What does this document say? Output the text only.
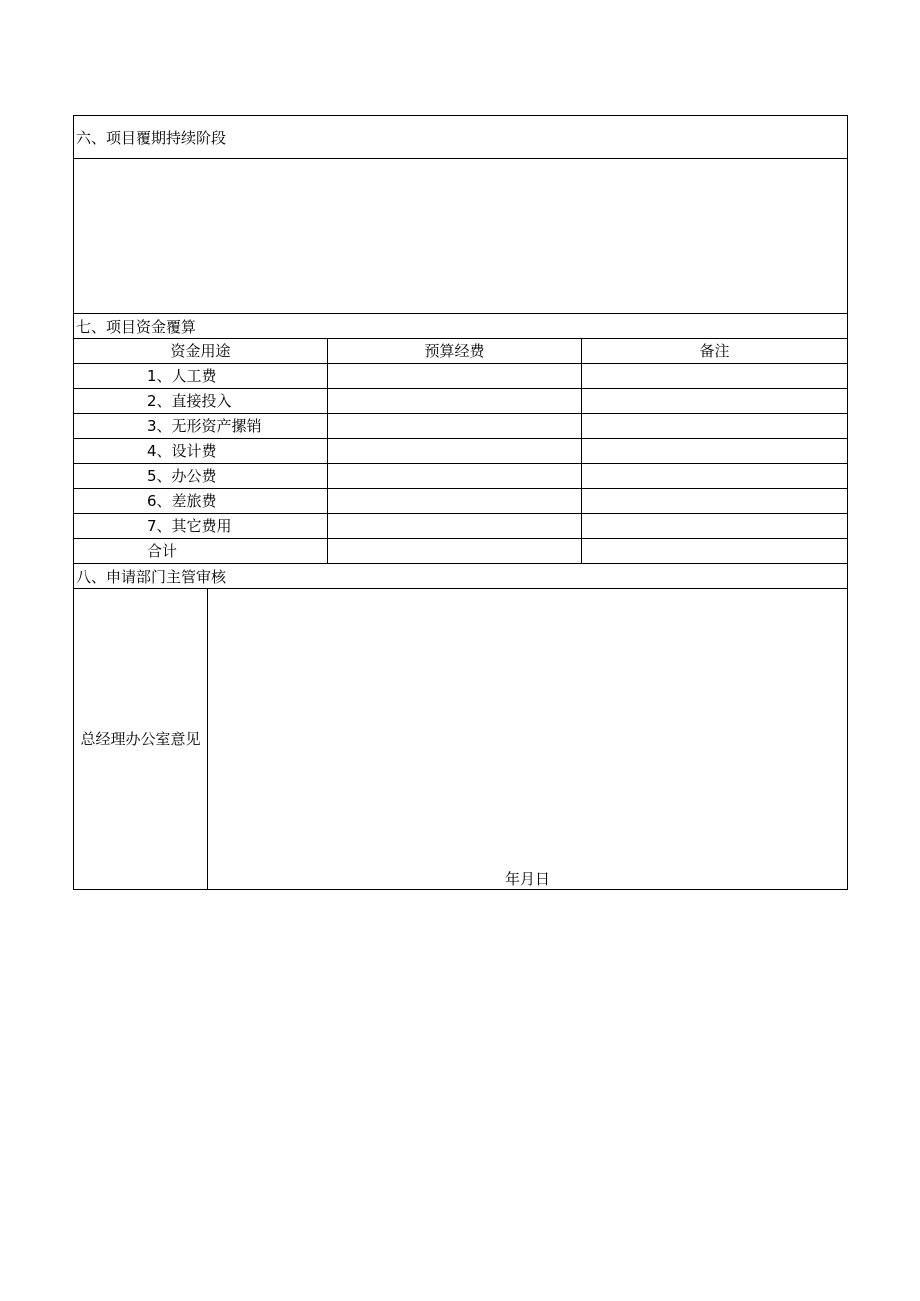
六、项目覆期持续阶段
七、项目资金覆算
资金用途	预算经费	备注
1、人工费
2、直接投入
3、无形资产摞销
4、设计费
5、办公费
6、差旅费
7、其它费用
合计
八、申请部门主管审核
总经理办公室意见
年月日
